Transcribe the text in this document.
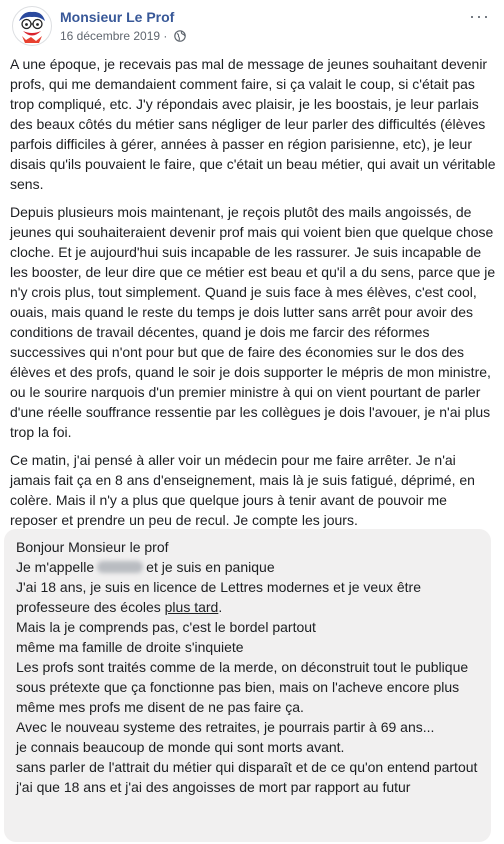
Monsieur Le Prof
16 décembre 2019 ·
···

A une époque, je recevais pas mal de message de jeunes souhaitant devenir profs, qui me demandaient comment faire, si ça valait le coup, si c'était pas trop compliqué, etc. J'y répondais avec plaisir, je les boostais, je leur parlais des beaux côtés du métier sans négliger de leur parler des difficultés (élèves parfois difficiles à gérer, années à passer en région parisienne, etc), je leur disais qu'ils pouvaient le faire, que c'était un beau métier, qui avait un véritable sens.

Depuis plusieurs mois maintenant, je reçois plutôt des mails angoissés, de jeunes qui souhaiteraient devenir prof mais qui voient bien que quelque chose cloche. Et je aujourd'hui suis incapable de les rassurer. Je suis incapable de les booster, de leur dire que ce métier est beau et qu'il a du sens, parce que je n'y crois plus, tout simplement. Quand je suis face à mes élèves, c'est cool, ouais, mais quand le reste du temps je dois lutter sans arrêt pour avoir des conditions de travail décentes, quand je dois me farcir des réformes successives qui n'ont pour but que de faire des économies sur le dos des élèves et des profs, quand le soir je dois supporter le mépris de mon ministre, ou le sourire narquois d'un premier ministre à qui on vient pourtant de parler d'une réelle souffrance ressentie par les collègues je dois l'avouer, je n'ai plus trop la foi.

Ce matin, j'ai pensé à aller voir un médecin pour me faire arrêter. Je n'ai jamais fait ça en 8 ans d'enseignement, mais là je suis fatigué, déprimé, en colère. Mais il n'y a plus que quelque jours à tenir avant de pouvoir me reposer et prendre un peu de recul. Je compte les jours.

Bonjour Monsieur le prof
Je m'appelle	et je suis en panique
J'ai 18 ans, je suis en licence de Lettres modernes et je veux être
professeure des écoles plus tard.
Mais la je comprends pas, c'est le bordel partout
même ma famille de droite s'inquiete
Les profs sont traités comme de la merde, on déconstruit tout le publique sous prétexte que ça fonctionne pas bien, mais on l'acheve encore plus
même mes profs me disent de ne pas faire ça.
Avec le nouveau systeme des retraites, je pourrais partir à 69 ans...
je connais beaucoup de monde qui sont morts avant.
sans parler de l'attrait du métier qui disparaît et de ce qu'on entend partout
j'ai que 18 ans et j'ai des angoisses de mort par rapport au futur
